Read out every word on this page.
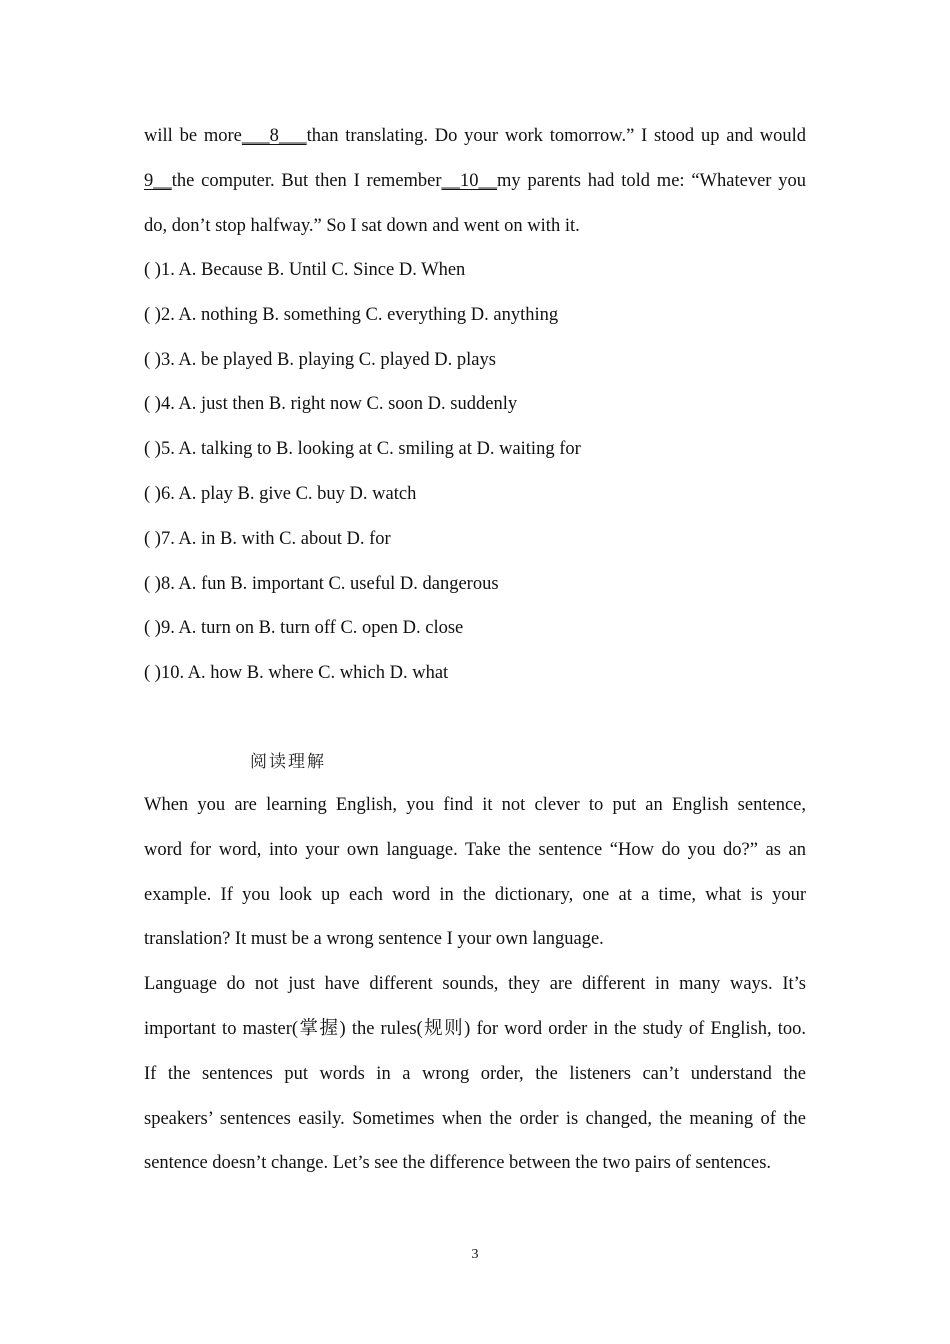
will be more___8___than translating. Do your work tomorrow.” I stood up and would
9__the computer. But then I remember__10__my parents had told me: “Whatever you
do, don’t stop halfway.” So I sat down and went on with it.
( )1. A. Because B. Until C. Since D. When
( )2. A. nothing B. something C. everything D. anything
( )3. A. be played B. playing C. played D. plays
( )4. A. just then B. right now C. soon D. suddenly
( )5. A. talking to B. looking at C. smiling at D. waiting for
( )6. A. play B. give C. buy D. watch
( )7. A. in B. with C. about D. for
( )8. A. fun B. important C. useful D. dangerous
( )9. A. turn on B. turn off C. open D. close
( )10. A. how B. where C. which D. what
阅读理解
When you are learning English, you find it not clever to put an English sentence,
word for word, into your own language. Take the sentence “How do you do?” as an
example. If you look up each word in the dictionary, one at a time, what is your
translation? It must be a wrong sentence I your own language.
Language do not just have different sounds, they are different in many ways. It’s
important to master(掌握) the rules(规则) for word order in the study of English, too.
If the sentences put words in a wrong order, the listeners can’t understand the
speakers’ sentences easily. Sometimes when the order is changed, the meaning of the
sentence doesn’t change. Let’s see the difference between the two pairs of sentences.
3
